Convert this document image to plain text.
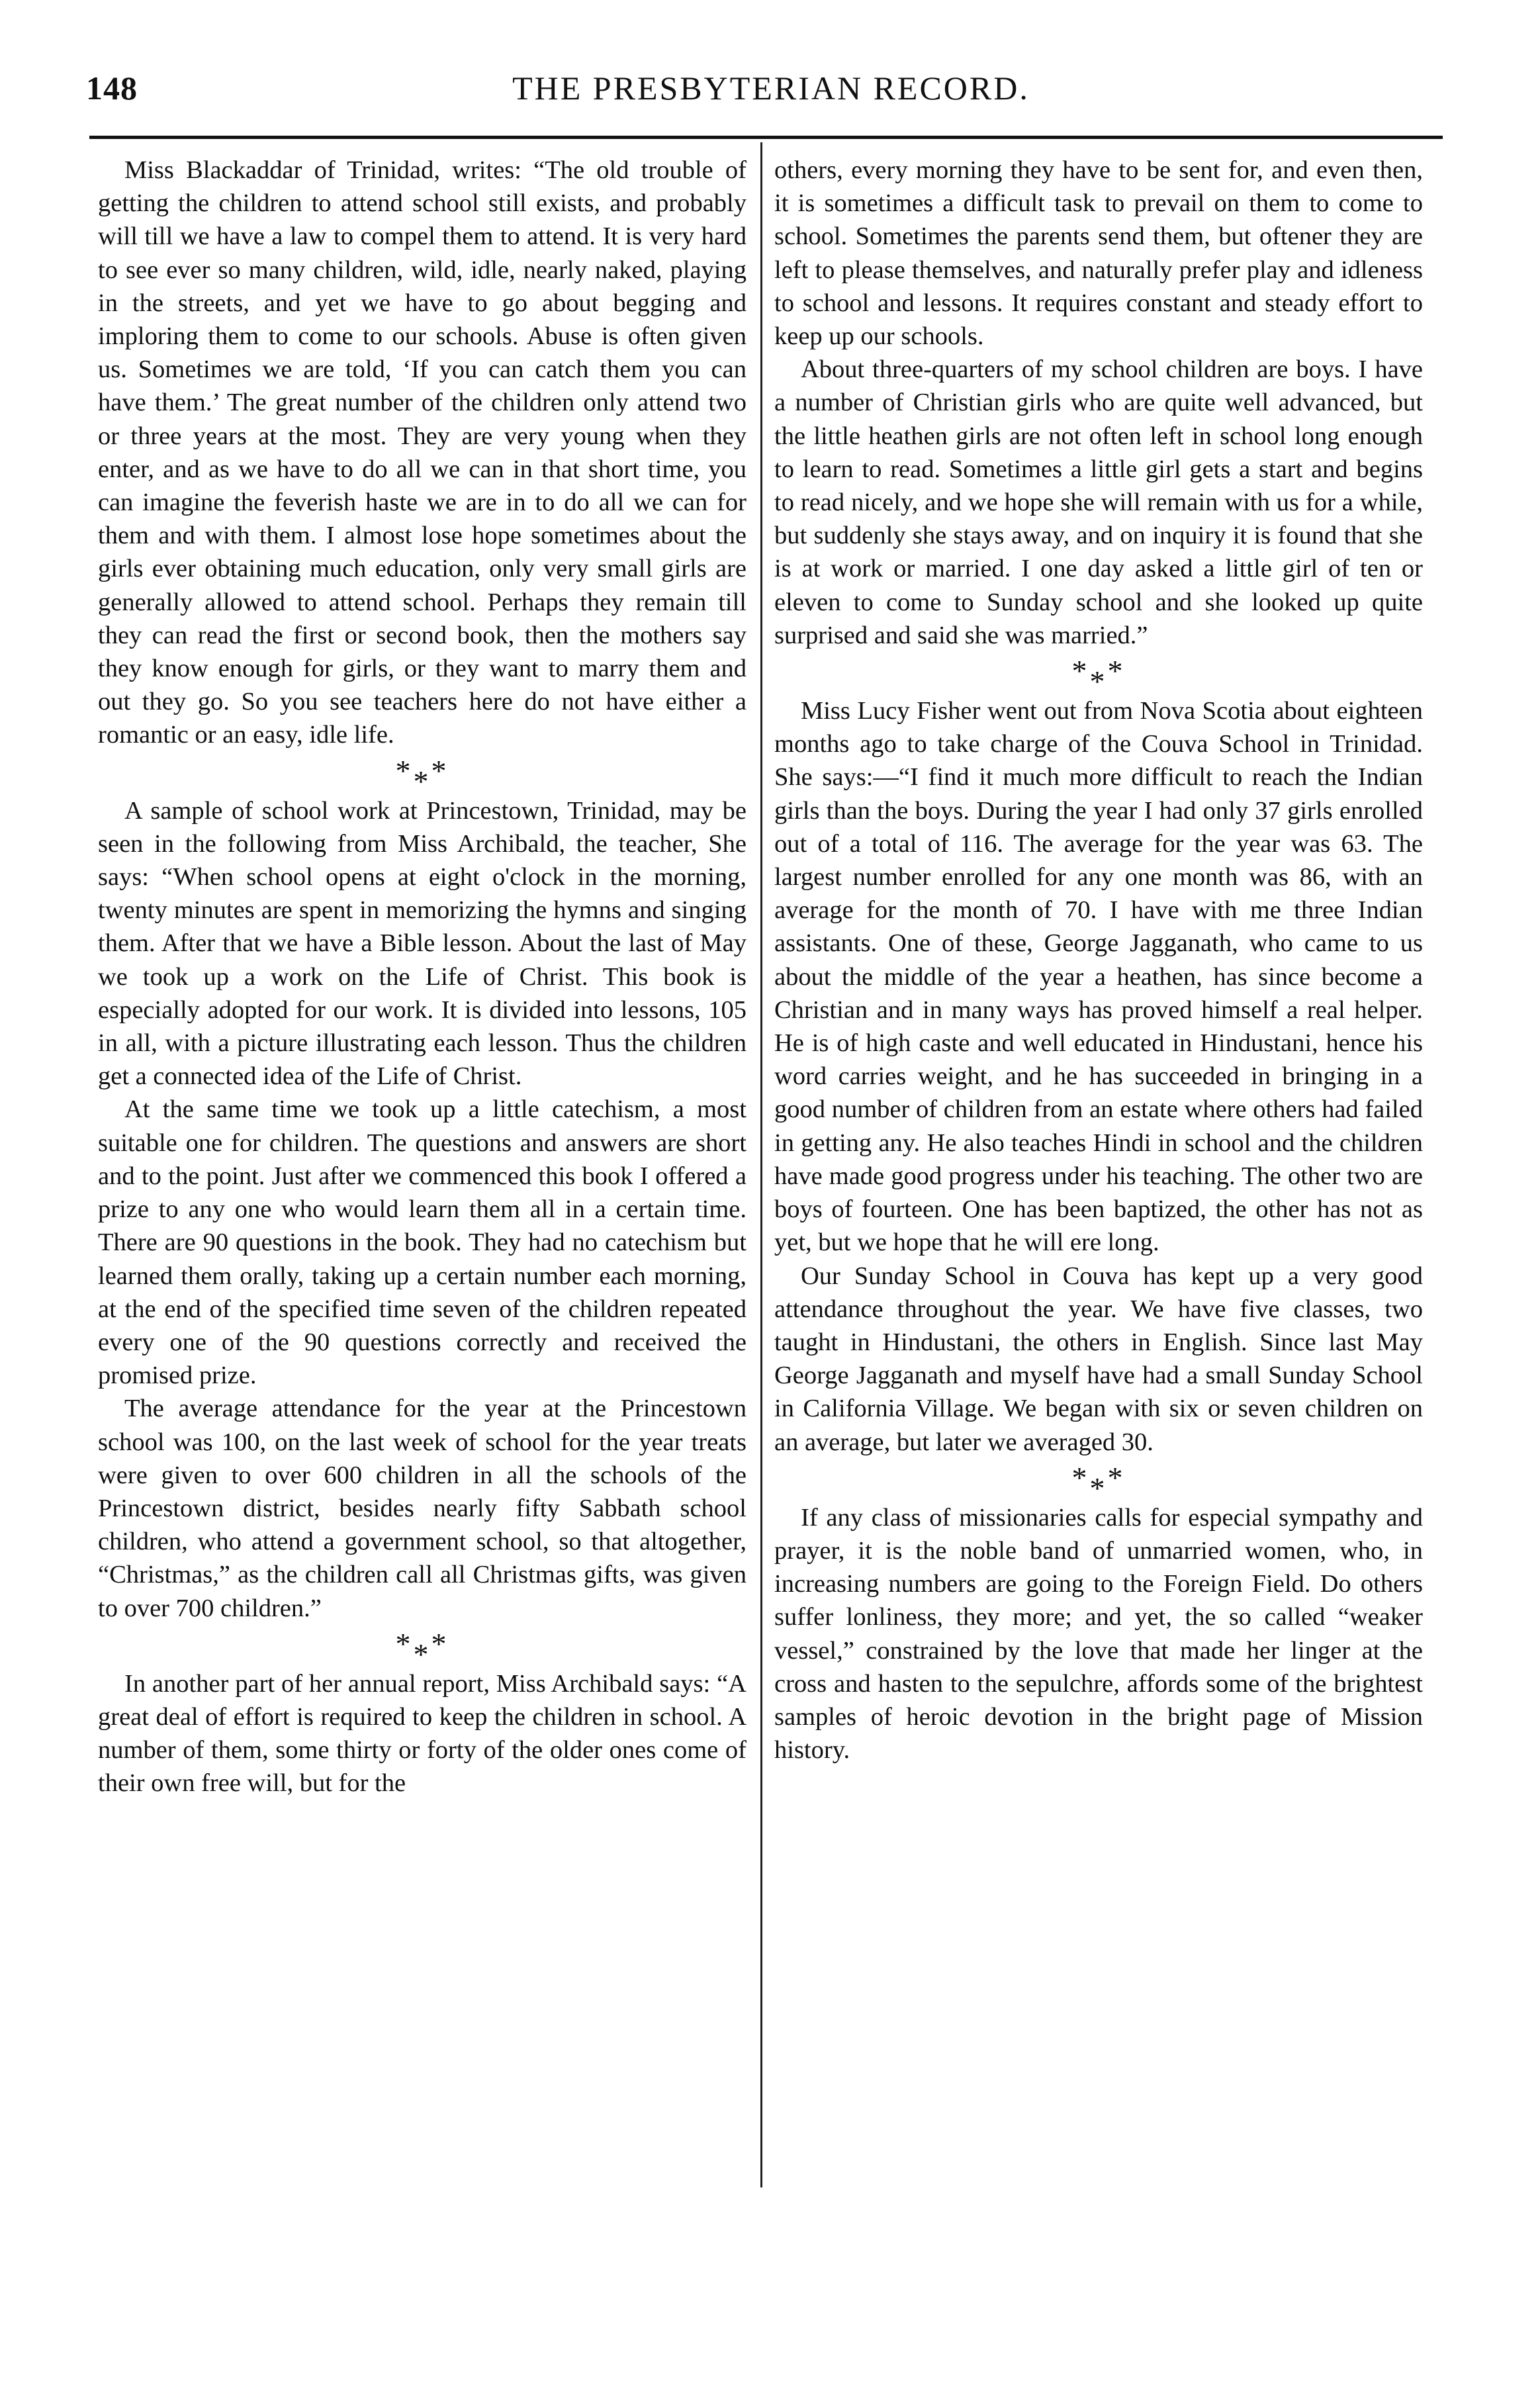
148	THE PRESBYTERIAN RECORD.

Miss Blackaddar of Trinidad, writes: “The old trouble of getting the children to attend school still exists, and probably will till we have a law to compel them to attend. It is very hard to see ever so many children, wild, idle, nearly naked, playing in the streets, and yet we have to go about begging and imploring them to come to our schools. Abuse is often given us. Sometimes we are told, ‘If you can catch them you can have them.’ The great number of the children only attend two or three years at the most. They are very young when they enter, and as we have to do all we can in that short time, you can imagine the feverish haste we are in to do all we can for them and with them. I almost lose hope sometimes about the girls ever obtaining much education, only very small girls are generally allowed to attend school. Perhaps they remain till they can read the first or second book, then the mothers say they know enough for girls, or they want to marry them and out they go. So you see teachers here do not have either a romantic or an easy, idle life.

***

A sample of school work at Princestown, Trinidad, may be seen in the following from Miss Archibald, the teacher, She says: “When school opens at eight o'clock in the morning, twenty minutes are spent in memorizing the hymns and singing them. After that we have a Bible lesson. About the last of May we took up a work on the Life of Christ. This book is especially adopted for our work. It is divided into lessons, 105 in all, with a picture illustrating each lesson. Thus the children get a connected idea of the Life of Christ.

At the same time we took up a little catechism, a most suitable one for children. The questions and answers are short and to the point. Just after we commenced this book I offered a prize to any one who would learn them all in a certain time. There are 90 questions in the book. They had no catechism but learned them orally, taking up a certain number each morning, at the end of the specified time seven of the children repeated every one of the 90 questions correctly and received the promised prize.

The average attendance for the year at the Princestown school was 100, on the last week of school for the year treats were given to over 600 children in all the schools of the Princestown district, besides nearly fifty Sabbath school children, who attend a government school, so that altogether, “Christmas,” as the children call all Christmas gifts, was given to over 700 children.”

***

In another part of her annual report, Miss Archibald says: “A great deal of effort is required to keep the children in school. A number of them, some thirty or forty of the older ones come of their own free will, but for the

others, every morning they have to be sent for, and even then, it is sometimes a difficult task to prevail on them to come to school. Sometimes the parents send them, but oftener they are left to please themselves, and naturally prefer play and idleness to school and lessons. It requires constant and steady effort to keep up our schools.

About three-quarters of my school children are boys. I have a number of Christian girls who are quite well advanced, but the little heathen girls are not often left in school long enough to learn to read. Sometimes a little girl gets a start and begins to read nicely, and we hope she will remain with us for a while, but suddenly she stays away, and on inquiry it is found that she is at work or married. I one day asked a little girl of ten or eleven to come to Sunday school and she looked up quite surprised and said she was married.”

***

Miss Lucy Fisher went out from Nova Scotia about eighteen months ago to take charge of the Couva School in Trinidad. She says:—“I find it much more difficult to reach the Indian girls than the boys. During the year I had only 37 girls enrolled out of a total of 116. The average for the year was 63. The largest number enrolled for any one month was 86, with an average for the month of 70. I have with me three Indian assistants. One of these, George Jagganath, who came to us about the middle of the year a heathen, has since become a Christian and in many ways has proved himself a real helper. He is of high caste and well educated in Hindustani, hence his word carries weight, and he has succeeded in bringing in a good number of children from an estate where others had failed in getting any. He also teaches Hindi in school and the children have made good progress under his teaching. The other two are boys of fourteen. One has been baptized, the other has not as yet, but we hope that he will ere long.

Our Sunday School in Couva has kept up a very good attendance throughout the year. We have five classes, two taught in Hindustani, the others in English. Since last May George Jagganath and myself have had a small Sunday School in California Village. We began with six or seven children on an average, but later we averaged 30.

***

If any class of missionaries calls for especial sympathy and prayer, it is the noble band of unmarried women, who, in increasing numbers are going to the Foreign Field. Do others suffer lonliness, they more; and yet, the so called “weaker vessel,” constrained by the love that made her linger at the cross and hasten to the sepulchre, affords some of the brightest samples of heroic devotion in the bright page of Mission history.
